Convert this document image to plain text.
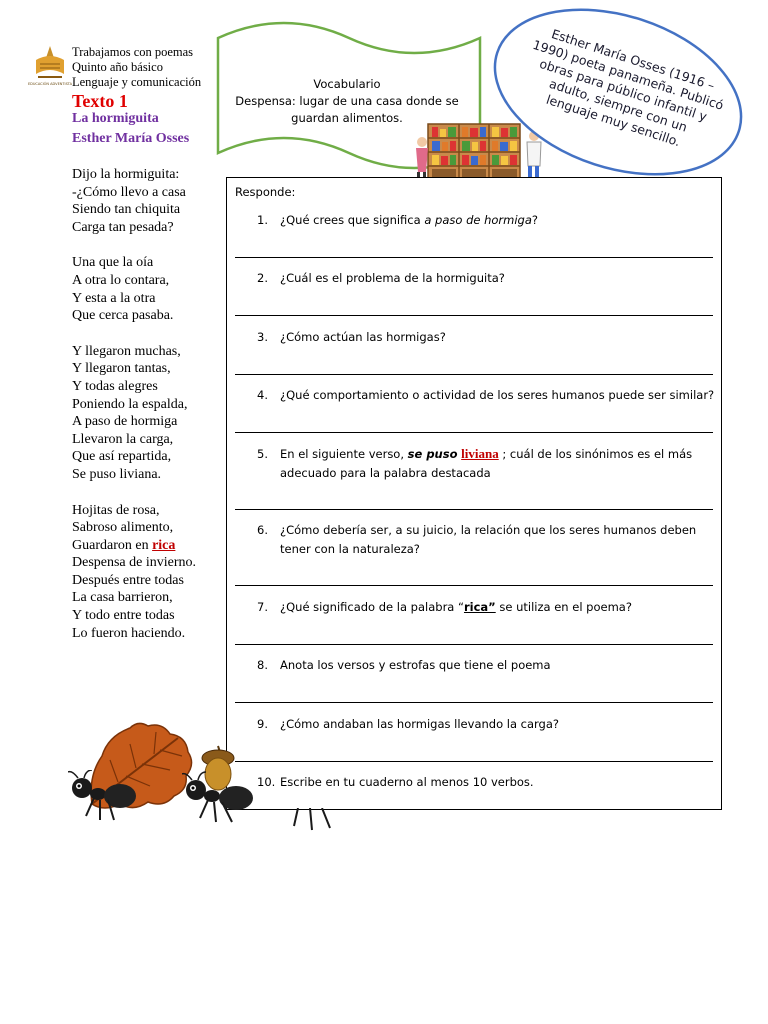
EDUCACIÓN ADVENTISTA
Trabajamos con poemas
Quinto año básico
Lenguaje y comunicación
Texto 1
La hormiguita
Esther María Osses
Dijo la hormiguita:
-¿Cómo llevo a casa
Siendo tan chiquita
Carga tan pesada?
Una que la oía
A otra lo contara,
Y esta a la otra
Que cerca pasaba.
Y llegaron muchas,
Y llegaron tantas,
Y todas alegres
Poniendo la espalda,
A paso de hormiga
Llevaron la carga,
Que así repartida,
Se puso liviana.
Hojitas de rosa,
Sabroso alimento,
Guardaron en rica
Despensa de invierno.
Después entre todas
La casa barrieron,
Y todo entre todas
Lo fueron haciendo.
Vocabulario
Despensa: lugar de una casa donde se guardan alimentos.
Esther María Osses (1916 – 1990) poeta panameña. Publicó obras para público infantil y adulto, siempre con un lenguaje muy sencillo.
Responde:
1. ¿Qué crees que significa a paso de hormiga?
2. ¿Cuál es el problema de la hormiguita?
3. ¿Cómo actúan las hormigas?
4. ¿Qué comportamiento o actividad de los seres humanos puede ser similar?
5. En el siguiente verso, se puso liviana ; cuál de los sinónimos es el más
adecuado para la palabra destacada
6. ¿Cómo debería ser, a su juicio, la relación que los seres humanos deben
tener con la naturaleza?
7. ¿Qué significado de la palabra “rica” se utiliza en el poema?
8. Anota los versos y estrofas que tiene el poema
9. ¿Cómo andaban las hormigas llevando la carga?
10. Escribe en tu cuaderno al menos 10 verbos.
